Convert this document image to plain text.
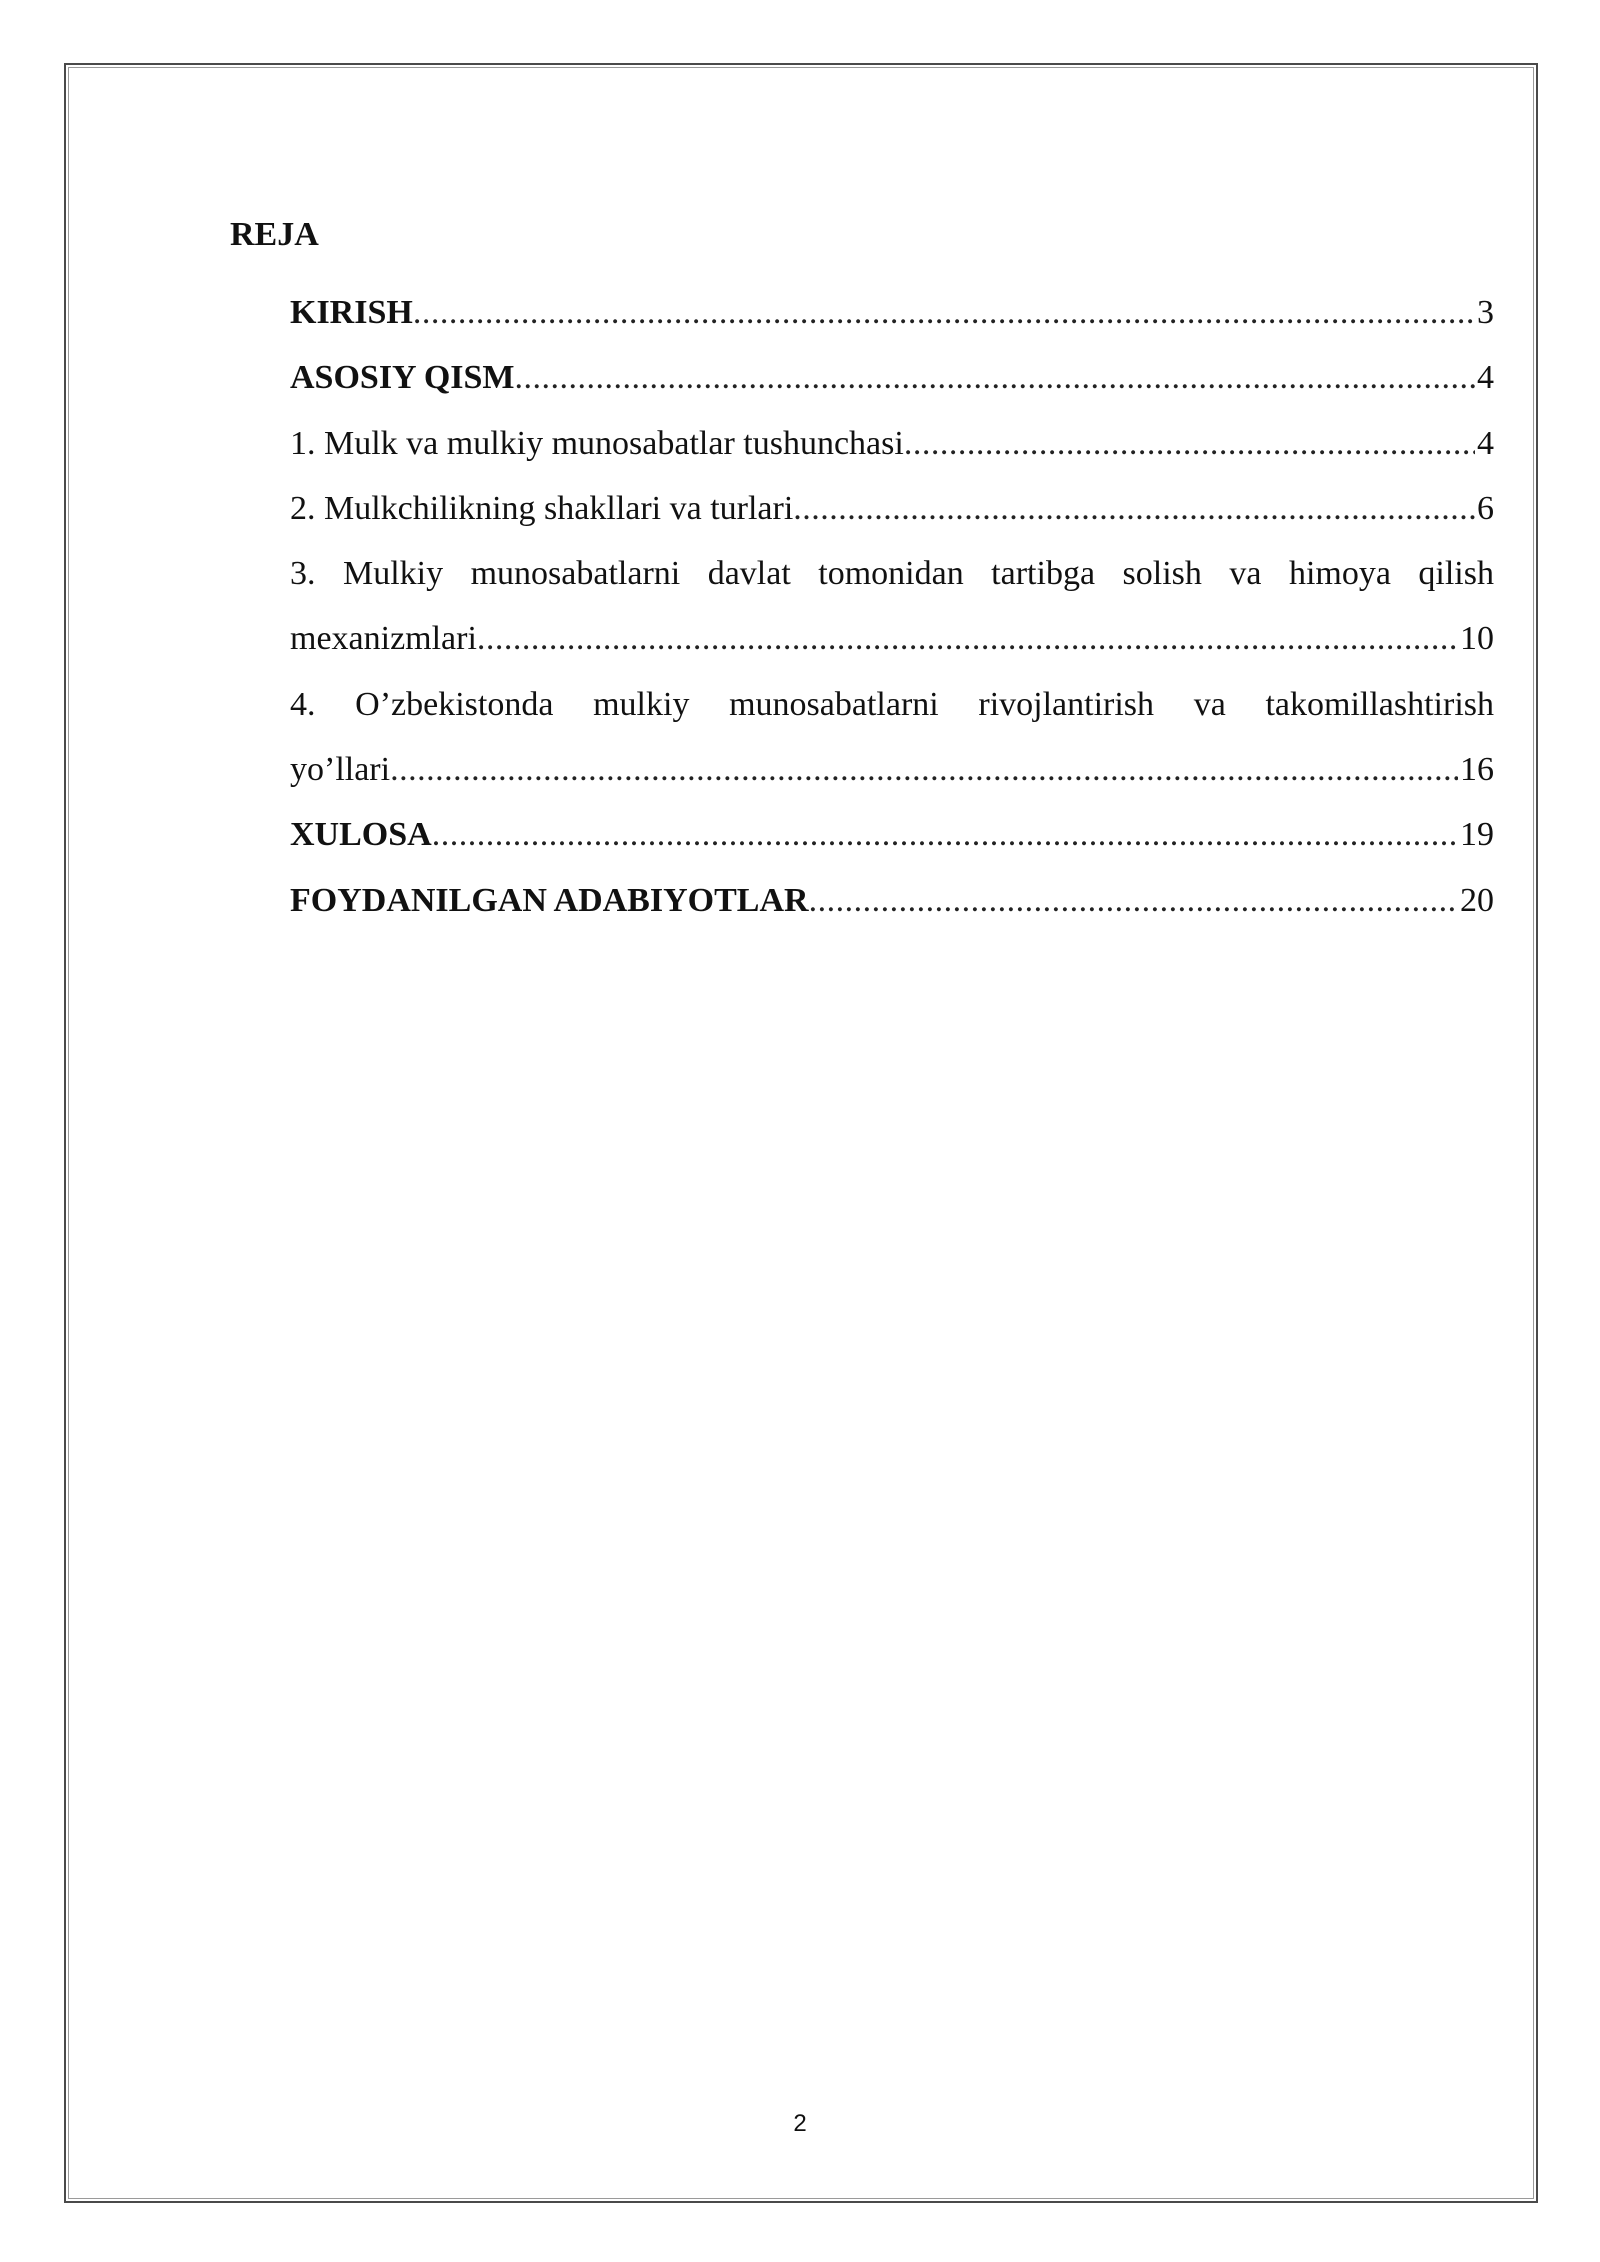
REJA
KIRISH .....	3
ASOSIY QISM .....	4
1. Mulk va mulkiy munosabatlar tushunchasi .....	4
2. Mulkchilikning shakllari va turlari .....	6
3. Mulkiy munosabatlarni davlat tomonidan tartibga solish va himoya qilish
mexanizmlari .....	10
4. O’zbekistonda mulkiy munosabatlarni rivojlantirish va takomillashtirish
yo’llari .....	16
XULOSA .....	19
FOYDANILGAN ADABIYOTLAR .....	20
2
